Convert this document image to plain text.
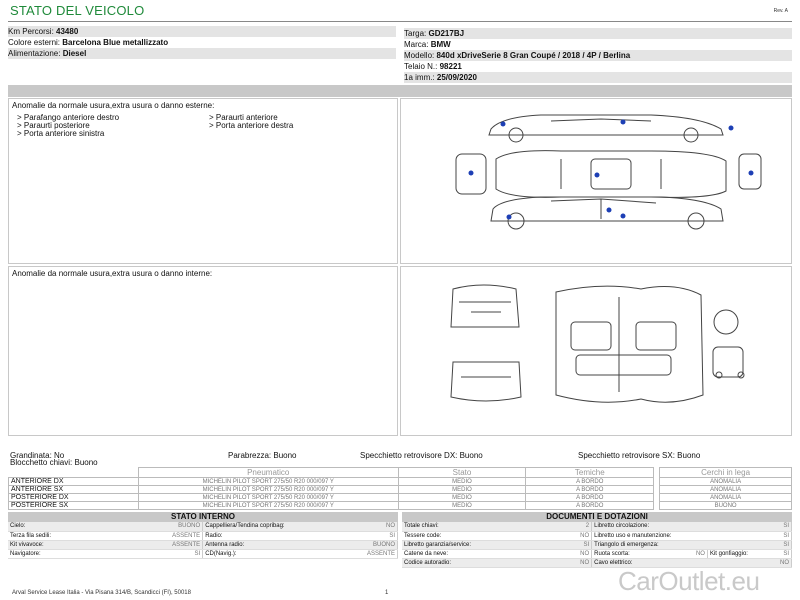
STATO DEL VEICOLO	Rev. A
Km Percorsi: 43480
Colore esterni: Barcelona Blue metallizzato
Alimentazione: Diesel
Targa: GD217BJ
Marca: BMW
Modello: 840d xDriveSerie 8 Gran Coupé / 2018 / 4P / Berlina
Telaio N.: 98221
1a imm.: 25/09/2020
Anomalie da normale usura,extra usura o danno esterne:
> Parafango anteriore destro
> Paraurti posteriore
> Porta anteriore sinistra
> Paraurti anteriore
> Porta anteriore destra
Anomalie da normale usura,extra usura o danno interne:
Grandinata: No	Parabrezza: Buono	Specchietto retrovisore DX: Buono	Specchietto retrovisore SX: Buono
Blocchetto chiavi: Buono
	Pneumatico	Stato	Temiche		Cerchi in lega
ANTERIORE DX	MICHELIN PILOT SPORT 275/50 R20 000/097 Y	MEDIO	A BORDO		ANOMALIA
ANTERIORE SX	MICHELIN PILOT SPORT 275/50 R20 000/097 Y	MEDIO	A BORDO		ANOMALIA
POSTERIORE DX	MICHELIN PILOT SPORT 275/50 R20 000/097 Y	MEDIO	A BORDO		ANOMALIA
POSTERIORE SX	MICHELIN PILOT SPORT 275/50 R20 000/097 Y	MEDIO	A BORDO		BUONO
STATO INTERNO
Cielo:	BUONO	Cappelliera/Tendina copribag:	NO
Terza fila sedili:	ASSENTE	Radio:	SI
Kit vivavoce:	ASSENTE	Antenna radio:	BUONO
Navigatore:	SI	CD(Navig.):	ASSENTE
DOCUMENTI E DOTAZIONI
Totale chiavi:	2	Libretto circolazione:	SI		
Tessere code:	NO	Libretto uso e manutenzione:	SI		
Libretto garanzia/service:	SI	Triangolo di emergenza:	SI		
Catene da neve:	NO	Ruota scorta:	NO	Kit gonfiaggio:	SI
Codice autoradio:	NO	Cavo elettrico:	NO		
Arval Service Lease Italia - Via Pisana 314/B, Scandicci (FI), 50018	1	CarOutlet.eu
